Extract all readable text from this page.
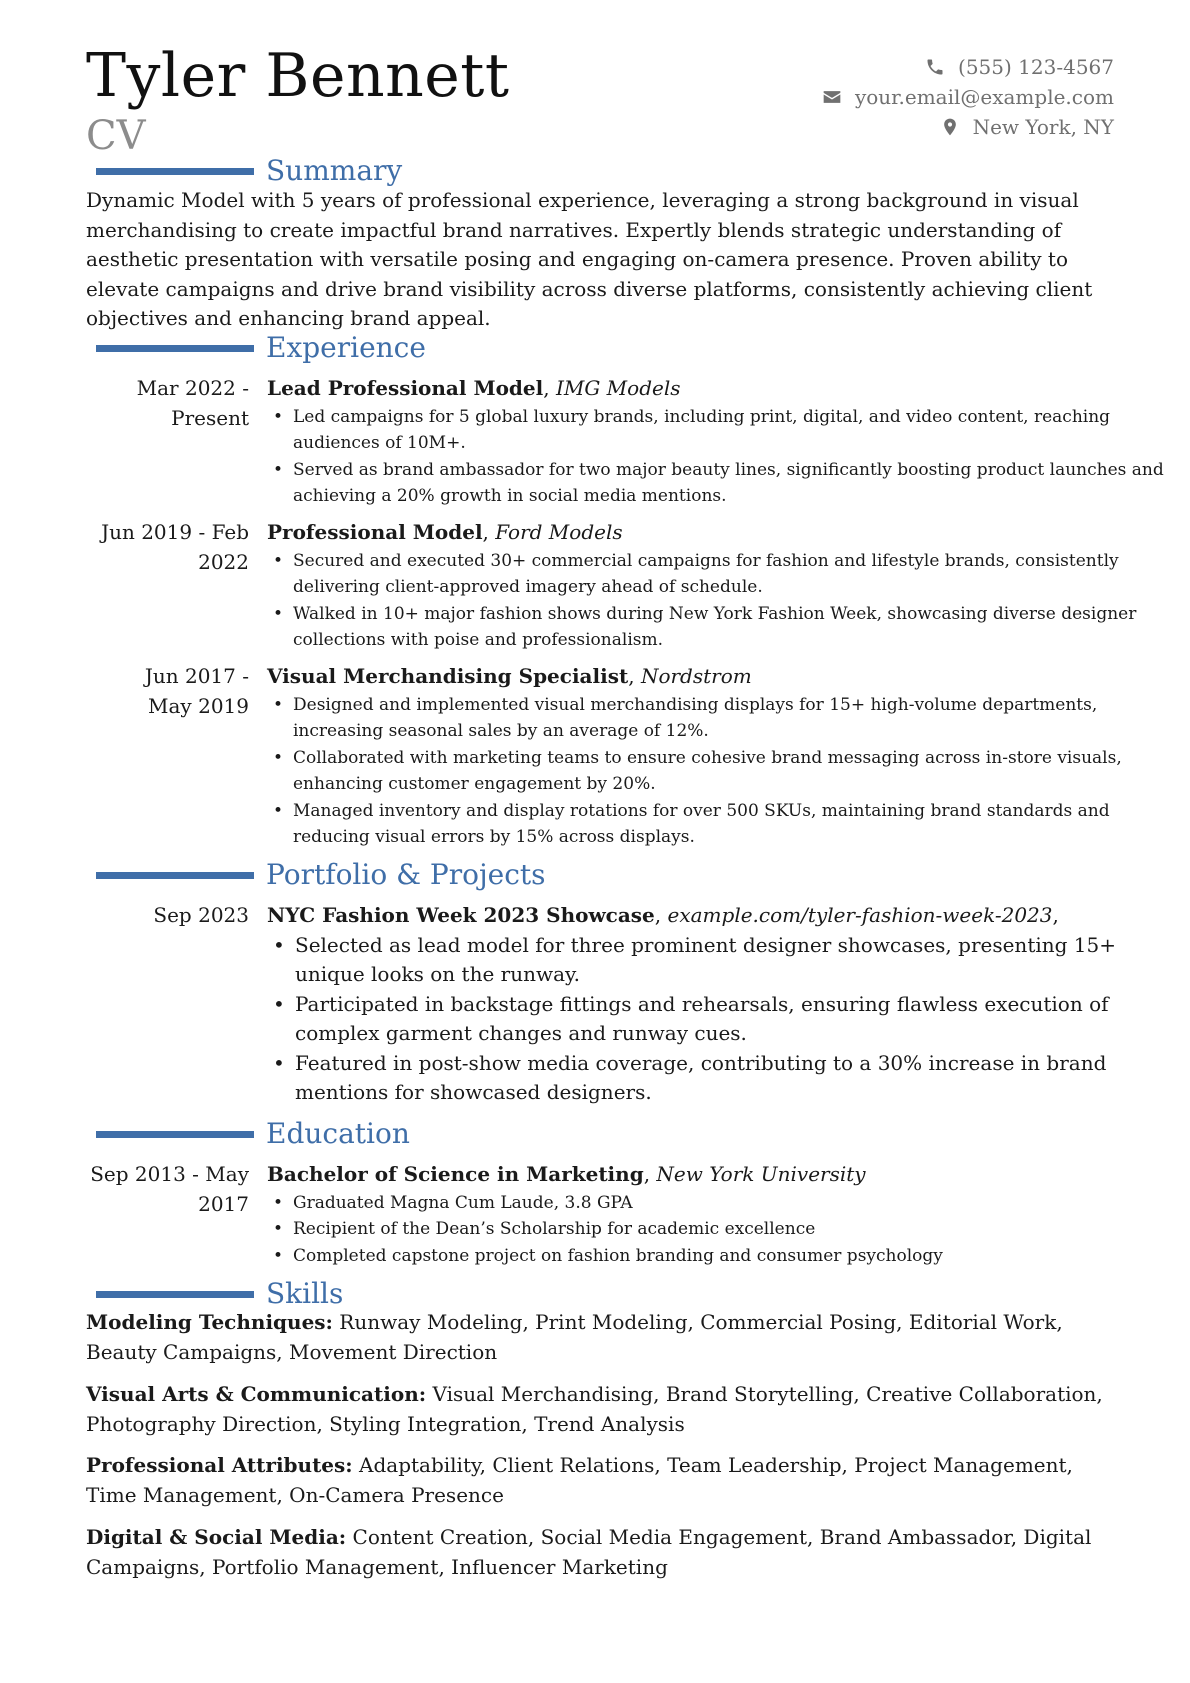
Tyler Bennett
CV
(555) 123-4567
your.email@example.com
New York, NY
Summary
Dynamic Model with 5 years of professional experience, leveraging a strong background in visual merchandising to create impactful brand narratives. Expertly blends strategic understanding of aesthetic presentation with versatile posing and engaging on-camera presence. Proven ability to elevate campaigns and drive brand visibility across diverse platforms, consistently achieving client objectives and enhancing brand appeal.
Experience
Mar 2022 -
Present
Lead Professional Model, IMG Models
• Led campaigns for 5 global luxury brands, including print, digital, and video content, reaching audiences of 10M+.
• Served as brand ambassador for two major beauty lines, significantly boosting product launches and achieving a 20% growth in social media mentions.
Jun 2019 - Feb
2022
Professional Model, Ford Models
• Secured and executed 30+ commercial campaigns for fashion and lifestyle brands, consistently delivering client-approved imagery ahead of schedule.
• Walked in 10+ major fashion shows during New York Fashion Week, showcasing diverse designer collections with poise and professionalism.
Jun 2017 -
May 2019
Visual Merchandising Specialist, Nordstrom
• Designed and implemented visual merchandising displays for 15+ high-volume departments, increasing seasonal sales by an average of 12%.
• Collaborated with marketing teams to ensure cohesive brand messaging across in-store visuals, enhancing customer engagement by 20%.
• Managed inventory and display rotations for over 500 SKUs, maintaining brand standards and reducing visual errors by 15% across displays.
Portfolio & Projects
Sep 2023 NYC Fashion Week 2023 Showcase, example.com/tyler-fashion-week-2023,
• Selected as lead model for three prominent designer showcases, presenting 15+ unique looks on the runway.
• Participated in backstage fittings and rehearsals, ensuring flawless execution of complex garment changes and runway cues.
• Featured in post-show media coverage, contributing to a 30% increase in brand mentions for showcased designers.
Education
Sep 2013 - May
2017
Bachelor of Science in Marketing, New York University
• Graduated Magna Cum Laude, 3.8 GPA
• Recipient of the Dean’s Scholarship for academic excellence
• Completed capstone project on fashion branding and consumer psychology
Skills
Modeling Techniques: Runway Modeling, Print Modeling, Commercial Posing, Editorial Work, Beauty Campaigns, Movement Direction
Visual Arts & Communication: Visual Merchandising, Brand Storytelling, Creative Collaboration, Photography Direction, Styling Integration, Trend Analysis
Professional Attributes: Adaptability, Client Relations, Team Leadership, Project Management, Time Management, On-Camera Presence
Digital & Social Media: Content Creation, Social Media Engagement, Brand Ambassador, Digital Campaigns, Portfolio Management, Influencer Marketing
